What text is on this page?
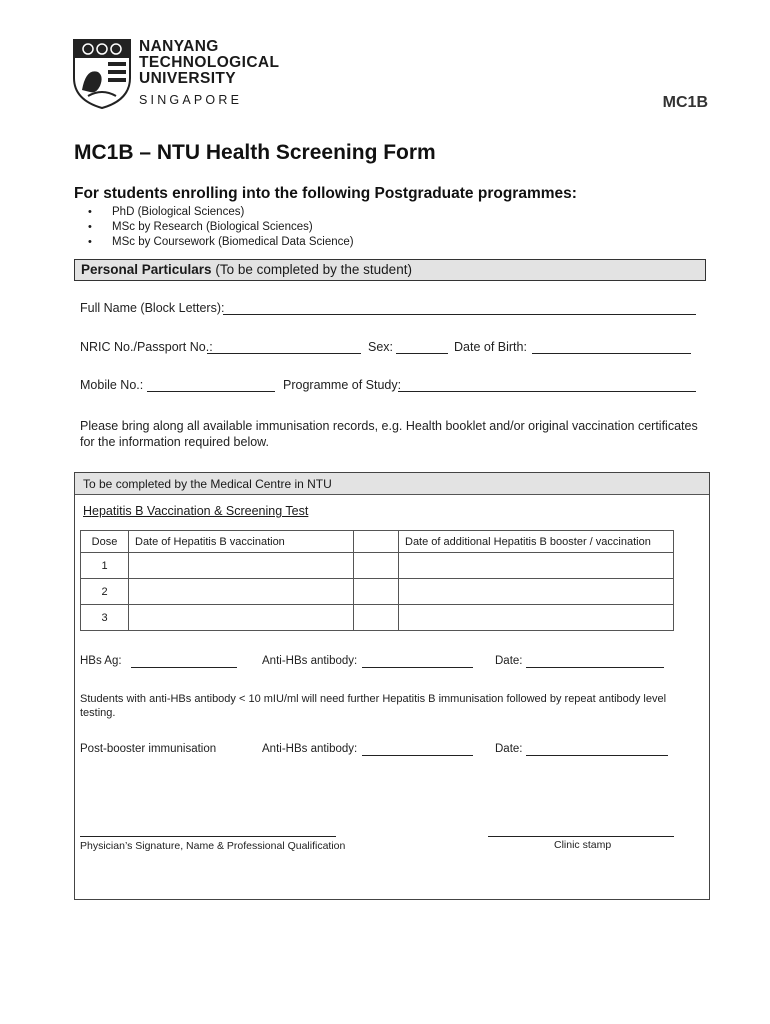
NANYANG
TECHNOLOGICAL
UNIVERSITY
SINGAPORE	MC1B
MC1B – NTU Health Screening Form
For students enrolling into the following Postgraduate programmes:
• PhD (Biological Sciences)
• MSc by Research (Biological Sciences)
• MSc by Coursework (Biomedical Data Science)
Personal Particulars (To be completed by the student)
Full Name (Block Letters):
NRIC No./Passport No.:	Sex:	Date of Birth:
Mobile No.:	Programme of Study:
Please bring along all available immunisation records, e.g. Health booklet and/or original vaccination certificates for the information required below.
To be completed by the Medical Centre in NTU
Hepatitis B Vaccination & Screening Test
Dose	Date of Hepatitis B vaccination		Date of additional Hepatitis B booster / vaccination
1			
2			
3			
HBs Ag:	Anti-HBs antibody:	Date:
Students with anti-HBs antibody < 10 mIU/ml will need further Hepatitis B immunisation followed by repeat antibody level testing.
Post-booster immunisation	Anti-HBs antibody:	Date:
Physician’s Signature, Name & Professional Qualification	Clinic stamp
